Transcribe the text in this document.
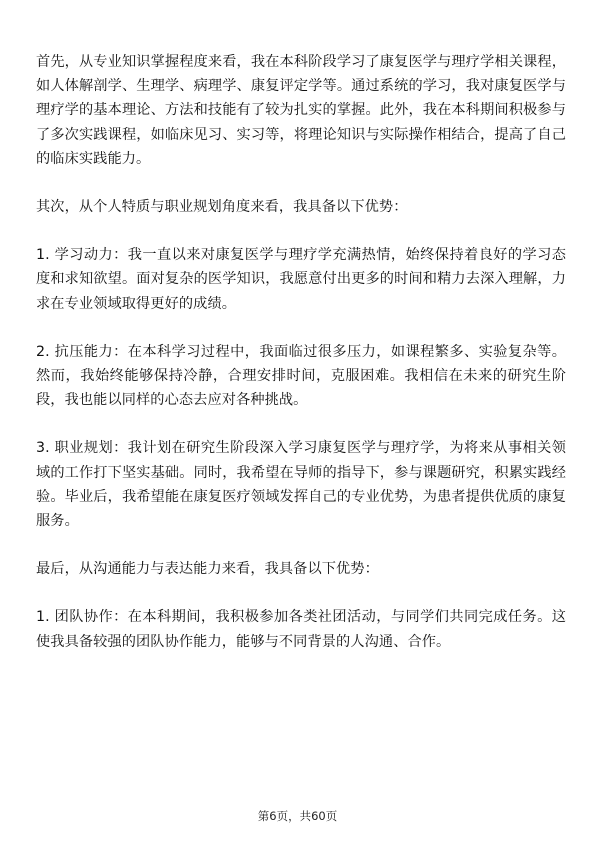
首先，从专业知识掌握程度来看，我在本科阶段学习了康复医学与理疗学相关课程，如人体解剖学、生理学、病理学、康复评定学等。通过系统的学习，我对康复医学与理疗学的基本理论、方法和技能有了较为扎实的掌握。此外，我在本科期间积极参与了多次实践课程，如临床见习、实习等，将理论知识与实际操作相结合，提高了自己的临床实践能力。

其次，从个人特质与职业规划角度来看，我具备以下优势：

1. 学习动力：我一直以来对康复医学与理疗学充满热情，始终保持着良好的学习态度和求知欲望。面对复杂的医学知识，我愿意付出更多的时间和精力去深入理解，力求在专业领域取得更好的成绩。

2. 抗压能力：在本科学习过程中，我面临过很多压力，如课程繁多、实验复杂等。然而，我始终能够保持冷静，合理安排时间，克服困难。我相信在未来的研究生阶段，我也能以同样的心态去应对各种挑战。

3. 职业规划：我计划在研究生阶段深入学习康复医学与理疗学，为将来从事相关领域的工作打下坚实基础。同时，我希望在导师的指导下，参与课题研究，积累实践经验。毕业后，我希望能在康复医疗领域发挥自己的专业优势，为患者提供优质的康复服务。

最后，从沟通能力与表达能力来看，我具备以下优势：

1. 团队协作：在本科期间，我积极参加各类社团活动，与同学们共同完成任务。这使我具备较强的团队协作能力，能够与不同背景的人沟通、合作。

第6页，共60页
